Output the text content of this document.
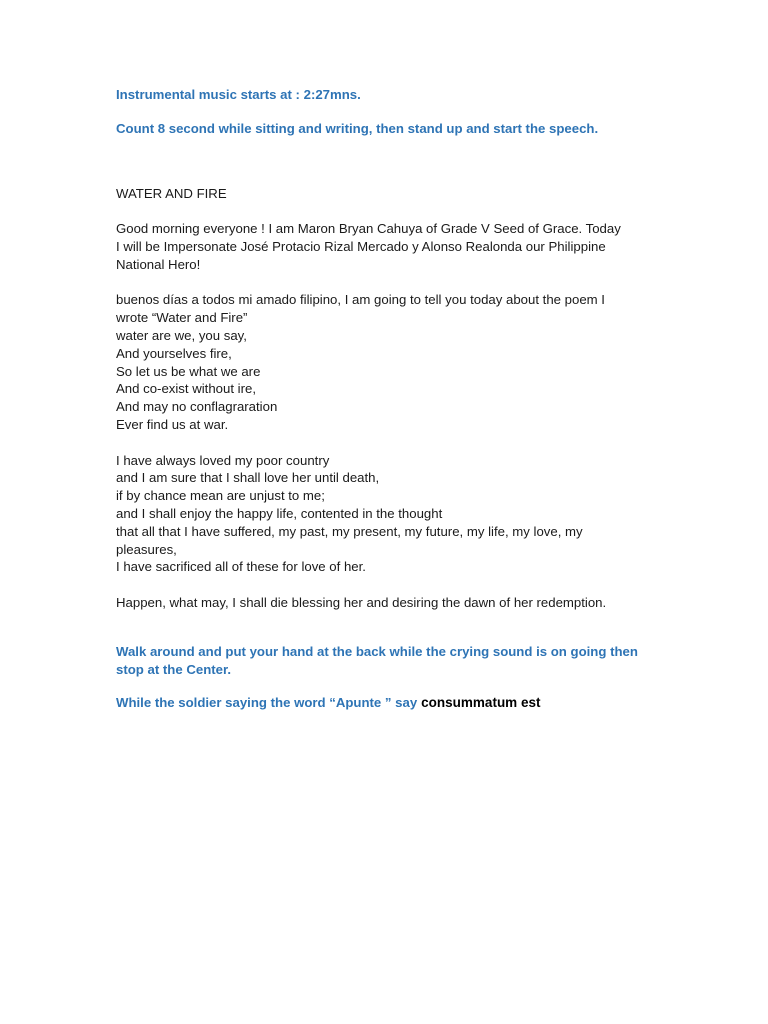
Instrumental music starts at : 2:27mns.

Count 8 second while sitting and writing, then stand up and start the speech.

WATER AND FIRE

Good morning everyone ! I am Maron Bryan Cahuya of Grade V Seed of Grace. Today
I will be Impersonate José Protacio Rizal Mercado y Alonso Realonda our Philippine
National Hero!

buenos días a todos mi amado filipino, I am going to tell you today about the poem I
wrote “Water and Fire”
water are we, you say,
And yourselves fire,
So let us be what we are
And co-exist without ire,
And may no conflagraration
Ever find us at war.

I have always loved my poor country
and I am sure that I shall love her until death,
if by chance mean are unjust to me;
and I shall enjoy the happy life, contented in the thought
that all that I have suffered, my past, my present, my future, my life, my love, my
pleasures,
I have sacrificed all of these for love of her.

Happen, what may, I shall die blessing her and desiring the dawn of her redemption.

Walk around and put your hand at the back while the crying sound is on going then stop at the Center.

While the soldier saying the word “Apunte ” say consummatum est
